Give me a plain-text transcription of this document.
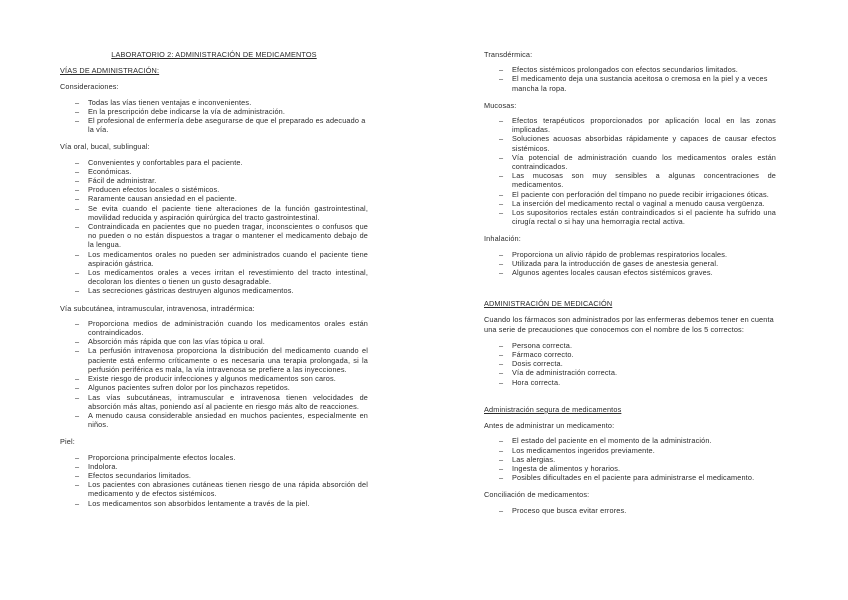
LABORATORIO 2: ADMINISTRACIÓN DE MEDICAMENTOS
VÍAS DE ADMINISTRACIÓN:
Consideraciones:
– Todas las vías tienen ventajas e inconvenientes.
– En la prescripción debe indicarse la vía de administración.
– El profesional de enfermería debe asegurarse de que el preparado es adecuado a la vía.
Vía oral, bucal, sublingual:
– Convenientes y confortables para el paciente.
– Económicas.
– Fácil de administrar.
– Producen efectos locales o sistémicos.
– Raramente causan ansiedad en el paciente.
– Se evita cuando el paciente tiene alteraciones de la función gastrointestinal, movilidad reducida y aspiración quirúrgica del tracto gastrointestinal.
– Contraindicada en pacientes que no pueden tragar, inconscientes o confusos que no pueden o no están dispuestos a tragar o mantener el medicamento debajo de la lengua.
– Los medicamentos orales no pueden ser administrados cuando el paciente tiene aspiración gástrica.
– Los medicamentos orales a veces irritan el revestimiento del tracto intestinal, decoloran los dientes o tienen un gusto desagradable.
– Las secreciones gástricas destruyen algunos medicamentos.
Vía subcutánea, intramuscular, intravenosa, intradérmica:
– Proporciona medios de administración cuando los medicamentos orales están contraindicados.
– Absorción más rápida que con las vías tópica u oral.
– La perfusión intravenosa proporciona la distribución del medicamento cuando el paciente está enfermo críticamente o es necesaria una terapia prolongada, si la perfusión periférica es mala, la vía intravenosa se prefiere a las inyecciones.
– Existe riesgo de producir infecciones y algunos medicamentos son caros.
– Algunos pacientes sufren dolor por los pinchazos repetidos.
– Las vías subcutáneas, intramuscular e intravenosa tienen velocidades de absorción más altas, poniendo así al paciente en riesgo más alto de reacciones.
– A menudo causa considerable ansiedad en muchos pacientes, especialmente en niños.
Piel:
– Proporciona principalmente efectos locales.
– Indolora.
– Efectos secundarios limitados.
– Los pacientes con abrasiones cutáneas tienen riesgo de una rápida absorción del medicamento y de efectos sistémicos.
– Los medicamentos son absorbidos lentamente a través de la piel.
Transdérmica:
– Efectos sistémicos prolongados con efectos secundarios limitados.
– El medicamento deja una sustancia aceitosa o cremosa en la piel y a veces mancha la ropa.
Mucosas:
– Efectos terapéuticos proporcionados por aplicación local en las zonas implicadas.
– Soluciones acuosas absorbidas rápidamente y capaces de causar efectos sistémicos.
– Vía potencial de administración cuando los medicamentos orales están contraindicados.
– Las mucosas son muy sensibles a algunas concentraciones de medicamentos.
– El paciente con perforación del tímpano no puede recibir irrigaciones óticas.
– La inserción del medicamento rectal o vaginal a menudo causa vergüenza.
– Los supositorios rectales están contraindicados si el paciente ha sufrido una cirugía rectal o si hay una hemorragia rectal activa.
Inhalación:
– Proporciona un alivio rápido de problemas respiratorios locales.
– Utilizada para la introducción de gases de anestesia general.
– Algunos agentes locales causan efectos sistémicos graves.
ADMINISTRACIÓN DE MEDICACIÓN
Cuando los fármacos son administrados por las enfermeras debemos tener en cuenta una serie de precauciones que conocemos con el nombre de los 5 correctos:
– Persona correcta.
– Fármaco correcto.
– Dosis correcta.
– Vía de administración correcta.
– Hora correcta.
Administración segura de medicamentos
Antes de administrar un medicamento:
– El estado del paciente en el momento de la administración.
– Los medicamentos ingeridos previamente.
– Las alergias.
– Ingesta de alimentos y horarios.
– Posibles dificultades en el paciente para administrarse el medicamento.
Conciliación de medicamentos:
– Proceso que busca evitar errores.
